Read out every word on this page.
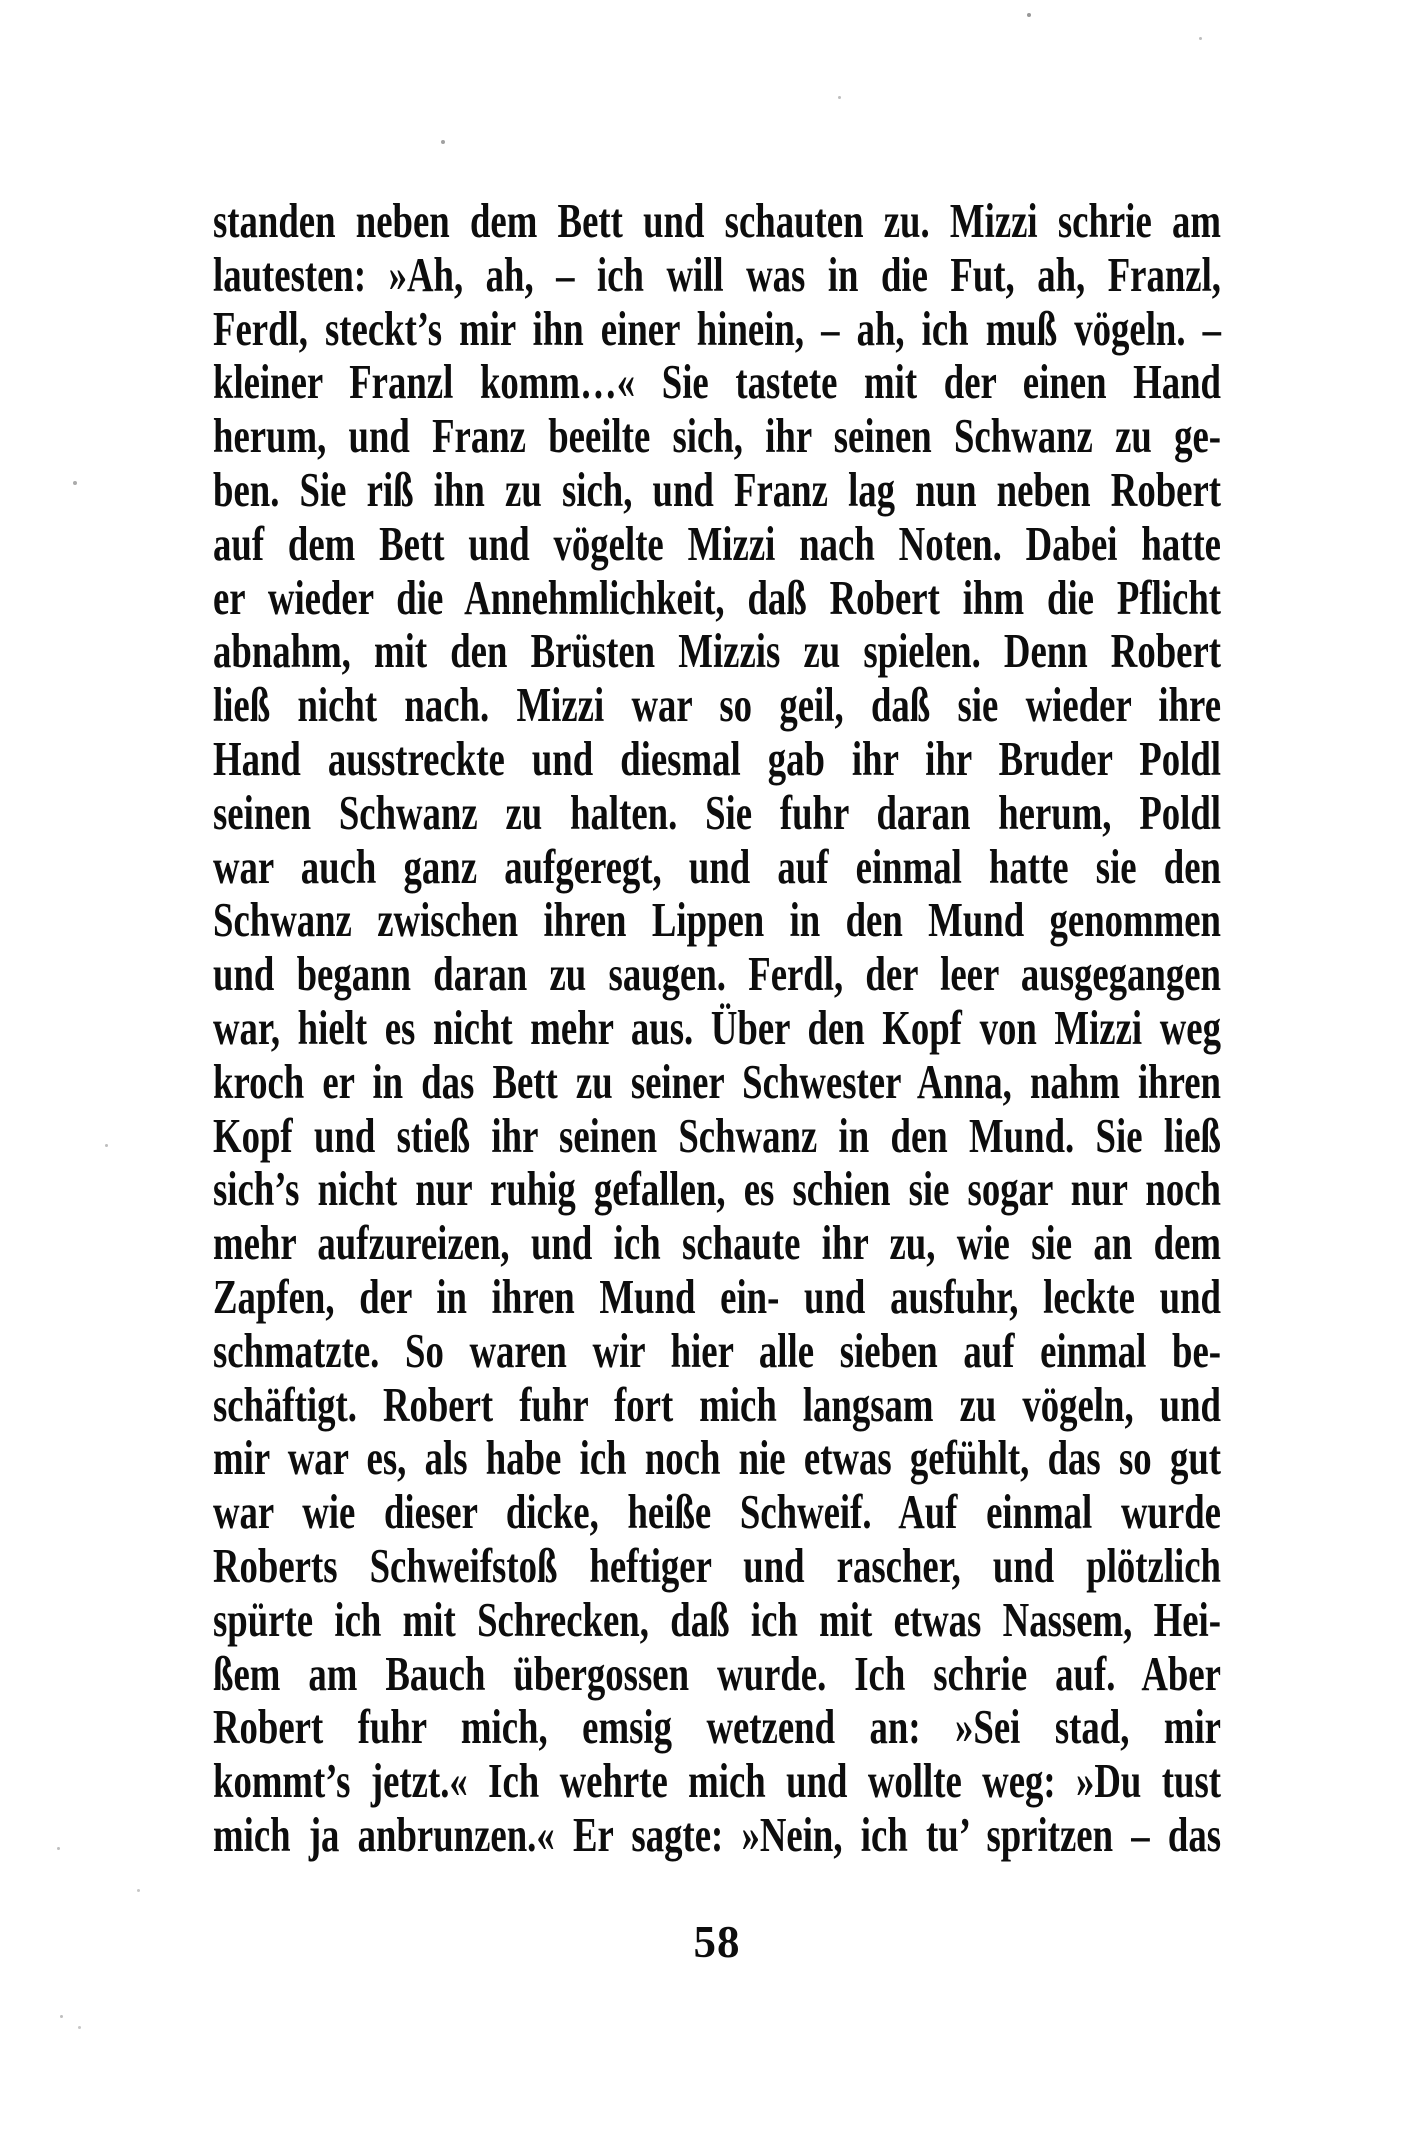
standen neben dem Bett und schauten zu. Mizzi schrie am
lautesten: »Ah, ah, – ich will was in die Fut, ah, Franzl,
Ferdl, steckt’s mir ihn einer hinein, – ah, ich muß vögeln. –
kleiner Franzl komm…« Sie tastete mit der einen Hand
herum, und Franz beeilte sich, ihr seinen Schwanz zu ge-
ben. Sie riß ihn zu sich, und Franz lag nun neben Robert
auf dem Bett und vögelte Mizzi nach Noten. Dabei hatte
er wieder die Annehmlichkeit, daß Robert ihm die Pflicht
abnahm, mit den Brüsten Mizzis zu spielen. Denn Robert
ließ nicht nach. Mizzi war so geil, daß sie wieder ihre
Hand ausstreckte und diesmal gab ihr ihr Bruder Poldl
seinen Schwanz zu halten. Sie fuhr daran herum, Poldl
war auch ganz aufgeregt, und auf einmal hatte sie den
Schwanz zwischen ihren Lippen in den Mund genommen
und begann daran zu saugen. Ferdl, der leer ausgegangen
war, hielt es nicht mehr aus. Über den Kopf von Mizzi weg
kroch er in das Bett zu seiner Schwester Anna, nahm ihren
Kopf und stieß ihr seinen Schwanz in den Mund. Sie ließ
sich’s nicht nur ruhig gefallen, es schien sie sogar nur noch
mehr aufzureizen, und ich schaute ihr zu, wie sie an dem
Zapfen, der in ihren Mund ein- und ausfuhr, leckte und
schmatzte. So waren wir hier alle sieben auf einmal be-
schäftigt. Robert fuhr fort mich langsam zu vögeln, und
mir war es, als habe ich noch nie etwas gefühlt, das so gut
war wie dieser dicke, heiße Schweif. Auf einmal wurde
Roberts Schweifstoß heftiger und rascher, und plötzlich
spürte ich mit Schrecken, daß ich mit etwas Nassem, Hei-
ßem am Bauch übergossen wurde. Ich schrie auf. Aber
Robert fuhr mich, emsig wetzend an: »Sei stad, mir
kommt’s jetzt.« Ich wehrte mich und wollte weg: »Du tust
mich ja anbrunzen.« Er sagte: »Nein, ich tu’ spritzen – das
58
